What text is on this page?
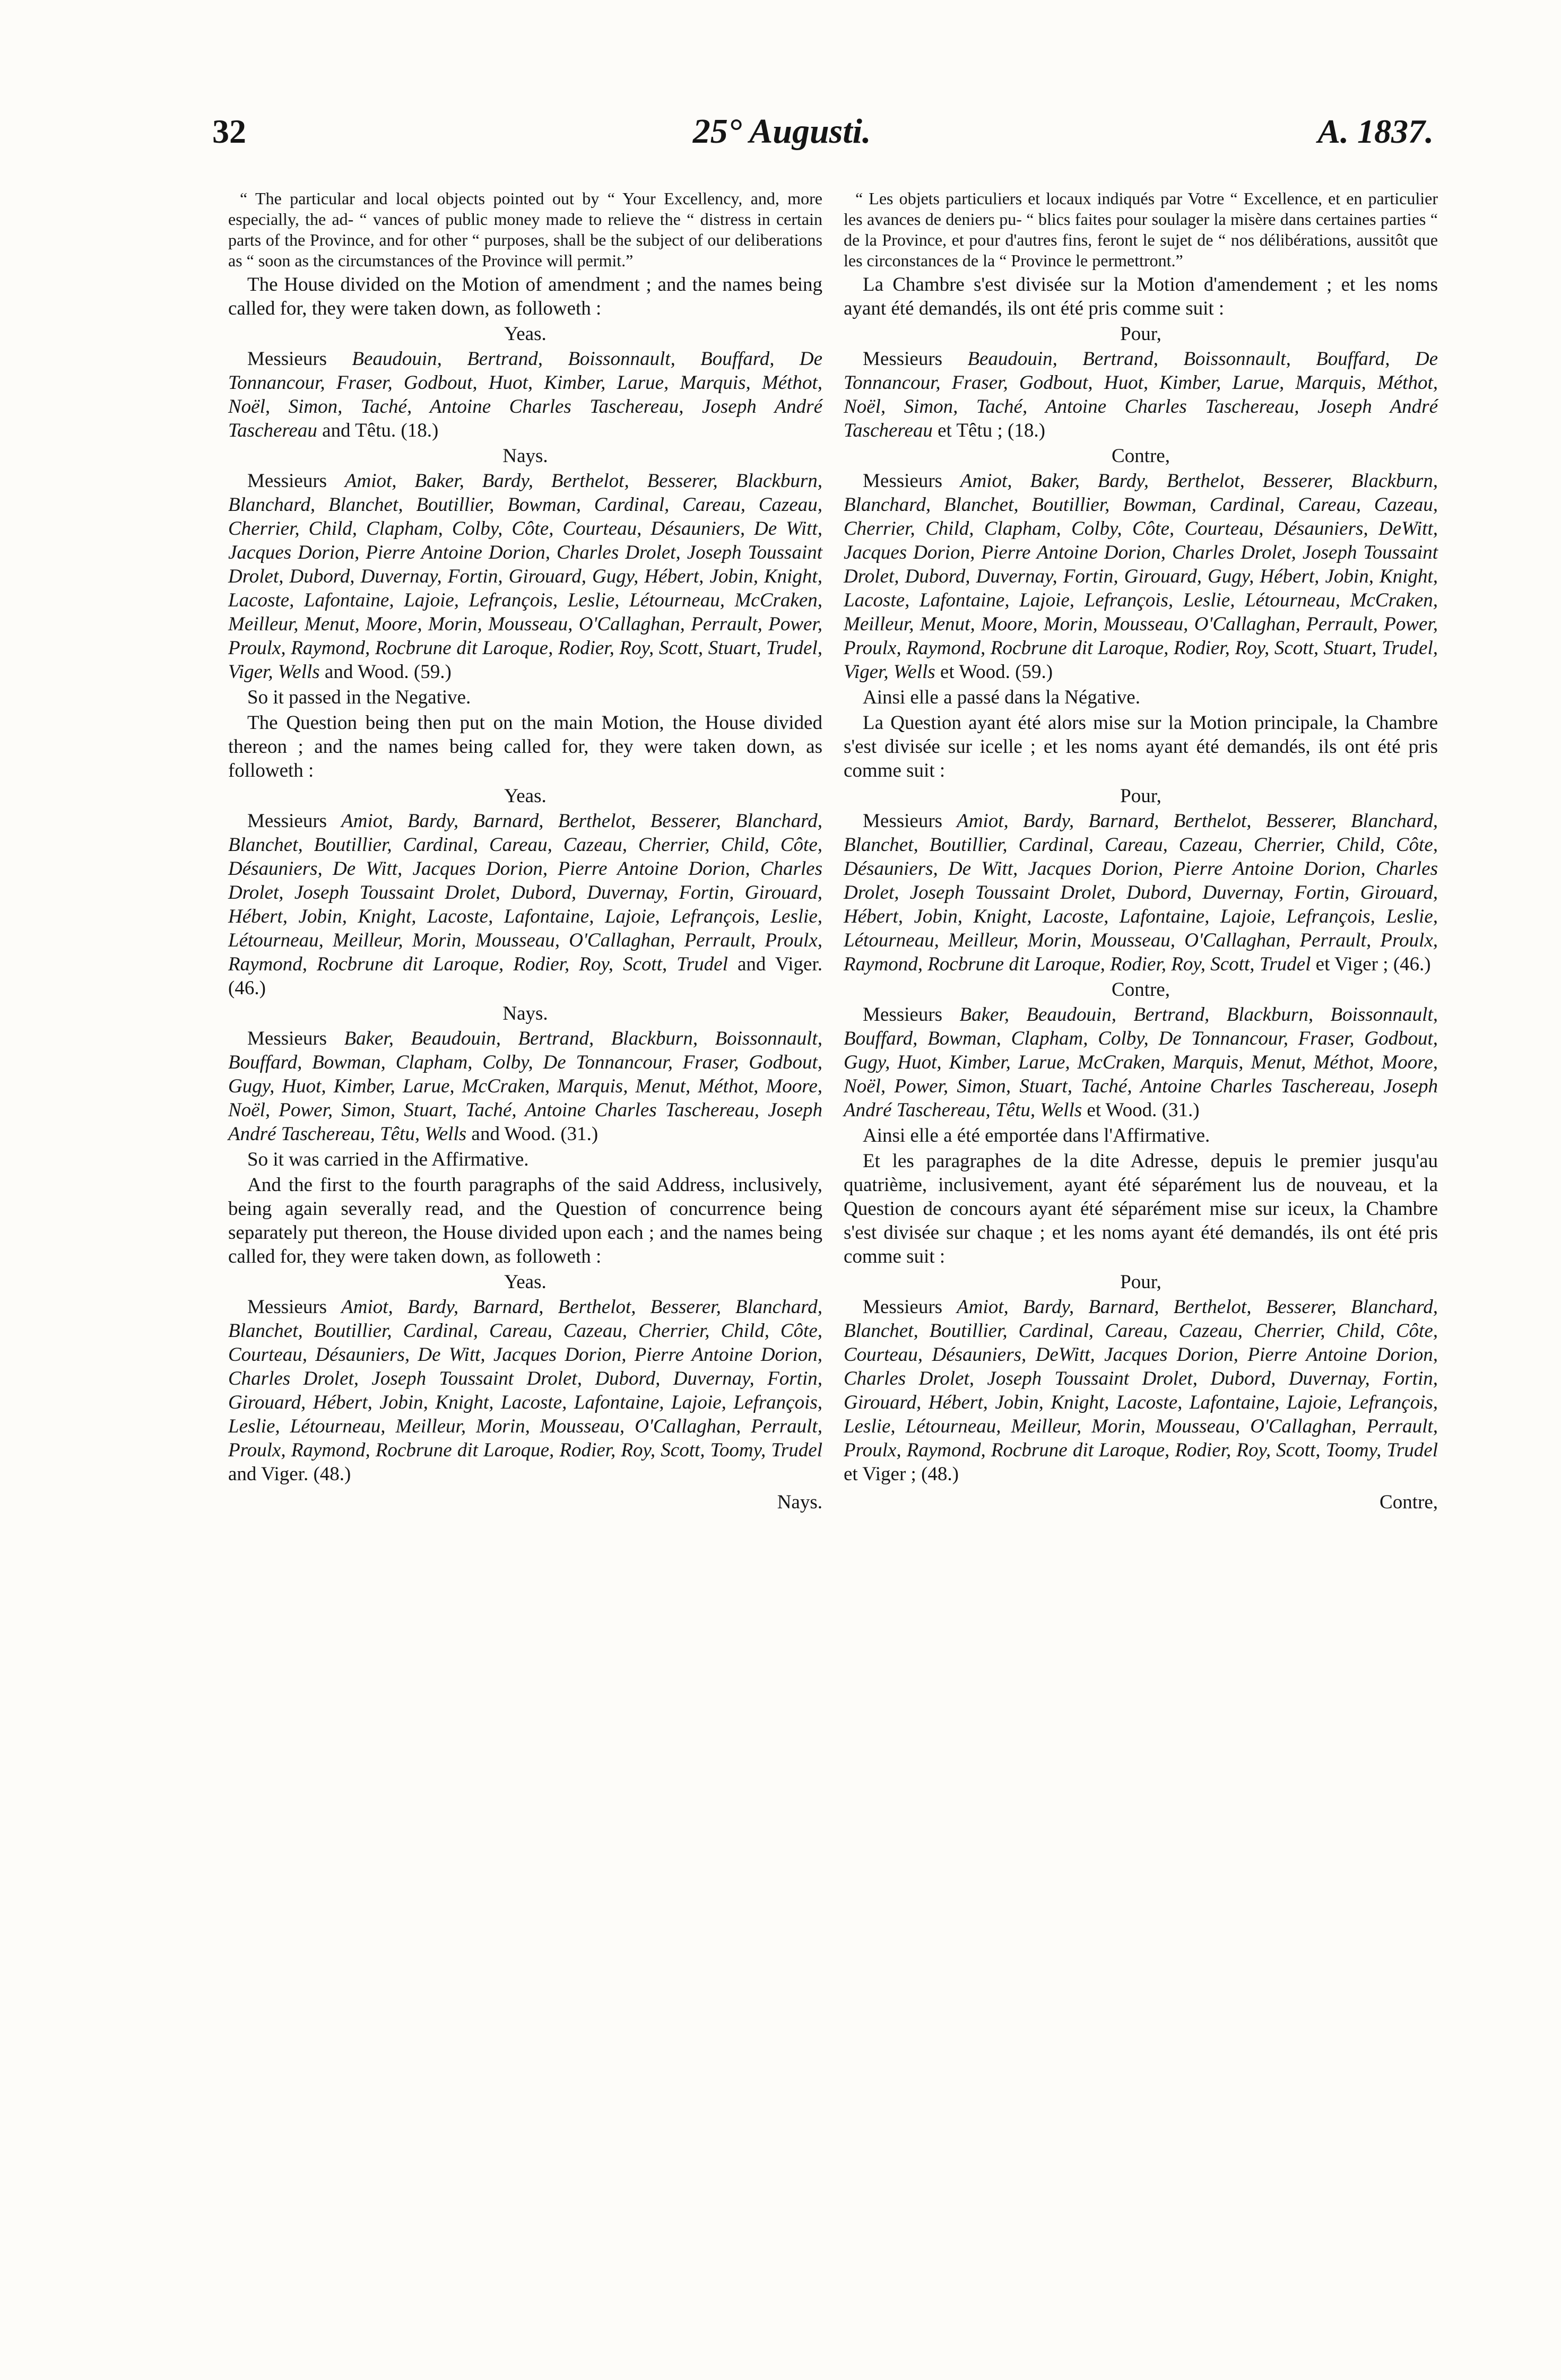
32	25° Augusti.	A. 1837.

“ The particular and local objects pointed out by “ Your Excellency, and, more especially, the ad- “ vances of public money made to relieve the “ distress in certain parts of the Province, and for other “ purposes, shall be the subject of our deliberations as “ soon as the circumstances of the Province will permit.”

The House divided on the Motion of amendment ; and the names being called for, they were taken down, as followeth :

Yeas.

Messieurs Beaudouin, Bertrand, Boissonnault, Bouffard, De Tonnancour, Fraser, Godbout, Huot, Kimber, Larue, Marquis, Méthot, Noël, Simon, Taché, Antoine Charles Taschereau, Joseph André Taschereau and Têtu. (18.)

Nays.

Messieurs Amiot, Baker, Bardy, Berthelot, Besserer, Blackburn, Blanchard, Blanchet, Boutillier, Bowman, Cardinal, Careau, Cazeau, Cherrier, Child, Clapham, Colby, Côte, Courteau, Désauniers, De Witt, Jacques Dorion, Pierre Antoine Dorion, Charles Drolet, Joseph Toussaint Drolet, Dubord, Duvernay, Fortin, Girouard, Gugy, Hébert, Jobin, Knight, Lacoste, Lafontaine, Lajoie, Lefrançois, Leslie, Létourneau, McCraken, Meilleur, Menut, Moore, Morin, Mousseau, O'Callaghan, Perrault, Power, Proulx, Raymond, Rocbrune dit Laroque, Rodier, Roy, Scott, Stuart, Trudel, Viger, Wells and Wood. (59.)

So it passed in the Negative.

The Question being then put on the main Motion, the House divided thereon ; and the names being called for, they were taken down, as followeth :

Yeas.

Messieurs Amiot, Bardy, Barnard, Berthelot, Besserer, Blanchard, Blanchet, Boutillier, Cardinal, Careau, Cazeau, Cherrier, Child, Côte, Désauniers, De Witt, Jacques Dorion, Pierre Antoine Dorion, Charles Drolet, Joseph Toussaint Drolet, Dubord, Duvernay, Fortin, Girouard, Hébert, Jobin, Knight, Lacoste, Lafontaine, Lajoie, Lefrançois, Leslie, Létourneau, Meilleur, Morin, Mousseau, O'Callaghan, Perrault, Proulx, Raymond, Rocbrune dit Laroque, Rodier, Roy, Scott, Trudel and Viger. (46.)

Nays.

Messieurs Baker, Beaudouin, Bertrand, Blackburn, Boissonnault, Bouffard, Bowman, Clapham, Colby, De Tonnancour, Fraser, Godbout, Gugy, Huot, Kimber, Larue, McCraken, Marquis, Menut, Méthot, Moore, Noël, Power, Simon, Stuart, Taché, Antoine Charles Taschereau, Joseph André Taschereau, Têtu, Wells and Wood. (31.)

So it was carried in the Affirmative.

And the first to the fourth paragraphs of the said Address, inclusively, being again severally read, and the Question of concurrence being separately put thereon, the House divided upon each ; and the names being called for, they were taken down, as followeth :

Yeas.

Messieurs Amiot, Bardy, Barnard, Berthelot, Besserer, Blanchard, Blanchet, Boutillier, Cardinal, Careau, Cazeau, Cherrier, Child, Côte, Courteau, Désauniers, De Witt, Jacques Dorion, Pierre Antoine Dorion, Charles Drolet, Joseph Toussaint Drolet, Dubord, Duvernay, Fortin, Girouard, Hébert, Jobin, Knight, Lacoste, Lafontaine, Lajoie, Lefrançois, Leslie, Létourneau, Meilleur, Morin, Mousseau, O'Callaghan, Perrault, Proulx, Raymond, Rocbrune dit Laroque, Rodier, Roy, Scott, Toomy, Trudel and Viger. (48.)

Nays.

“ Les objets particuliers et locaux indiqués par Votre “ Excellence, et en particulier les avances de deniers pu- “ blics faites pour soulager la misère dans certaines parties “ de la Province, et pour d'autres fins, feront le sujet de “ nos délibérations, aussitôt que les circonstances de la “ Province le permettront.”

La Chambre s'est divisée sur la Motion d'amendement ; et les noms ayant été demandés, ils ont été pris comme suit :

Pour,

Messieurs Beaudouin, Bertrand, Boissonnault, Bouffard, De Tonnancour, Fraser, Godbout, Huot, Kimber, Larue, Marquis, Méthot, Noël, Simon, Taché, Antoine Charles Taschereau, Joseph André Taschereau et Têtu ; (18.)

Contre,

Messieurs Amiot, Baker, Bardy, Berthelot, Besserer, Blackburn, Blanchard, Blanchet, Boutillier, Bowman, Cardinal, Careau, Cazeau, Cherrier, Child, Clapham, Colby, Côte, Courteau, Désauniers, DeWitt, Jacques Dorion, Pierre Antoine Dorion, Charles Drolet, Joseph Toussaint Drolet, Dubord, Duvernay, Fortin, Girouard, Gugy, Hébert, Jobin, Knight, Lacoste, Lafontaine, Lajoie, Lefrançois, Leslie, Létourneau, McCraken, Meilleur, Menut, Moore, Morin, Mousseau, O'Callaghan, Perrault, Power, Proulx, Raymond, Rocbrune dit Laroque, Rodier, Roy, Scott, Stuart, Trudel, Viger, Wells et Wood. (59.)

Ainsi elle a passé dans la Négative.

La Question ayant été alors mise sur la Motion principale, la Chambre s'est divisée sur icelle ; et les noms ayant été demandés, ils ont été pris comme suit :

Pour,

Messieurs Amiot, Bardy, Barnard, Berthelot, Besserer, Blanchard, Blanchet, Boutillier, Cardinal, Careau, Cazeau, Cherrier, Child, Côte, Désauniers, De Witt, Jacques Dorion, Pierre Antoine Dorion, Charles Drolet, Joseph Toussaint Drolet, Dubord, Duvernay, Fortin, Girouard, Hébert, Jobin, Knight, Lacoste, Lafontaine, Lajoie, Lefrançois, Leslie, Létourneau, Meilleur, Morin, Mousseau, O'Callaghan, Perrault, Proulx, Raymond, Rocbrune dit Laroque, Rodier, Roy, Scott, Trudel et Viger ; (46.)

Contre,

Messieurs Baker, Beaudouin, Bertrand, Blackburn, Boissonnault, Bouffard, Bowman, Clapham, Colby, De Tonnancour, Fraser, Godbout, Gugy, Huot, Kimber, Larue, McCraken, Marquis, Menut, Méthot, Moore, Noël, Power, Simon, Stuart, Taché, Antoine Charles Taschereau, Joseph André Taschereau, Têtu, Wells et Wood. (31.)

Ainsi elle a été emportée dans l'Affirmative.

Et les paragraphes de la dite Adresse, depuis le premier jusqu'au quatrième, inclusivement, ayant été séparément lus de nouveau, et la Question de concours ayant été séparément mise sur iceux, la Chambre s'est divisée sur chaque ; et les noms ayant été demandés, ils ont été pris comme suit :

Pour,

Messieurs Amiot, Bardy, Barnard, Berthelot, Besserer, Blanchard, Blanchet, Boutillier, Cardinal, Careau, Cazeau, Cherrier, Child, Côte, Courteau, Désauniers, DeWitt, Jacques Dorion, Pierre Antoine Dorion, Charles Drolet, Joseph Toussaint Drolet, Dubord, Duvernay, Fortin, Girouard, Hébert, Jobin, Knight, Lacoste, Lafontaine, Lajoie, Lefrançois, Leslie, Létourneau, Meilleur, Morin, Mousseau, O'Callaghan, Perrault, Proulx, Raymond, Rocbrune dit Laroque, Rodier, Roy, Scott, Toomy, Trudel et Viger ; (48.)

Contre,
